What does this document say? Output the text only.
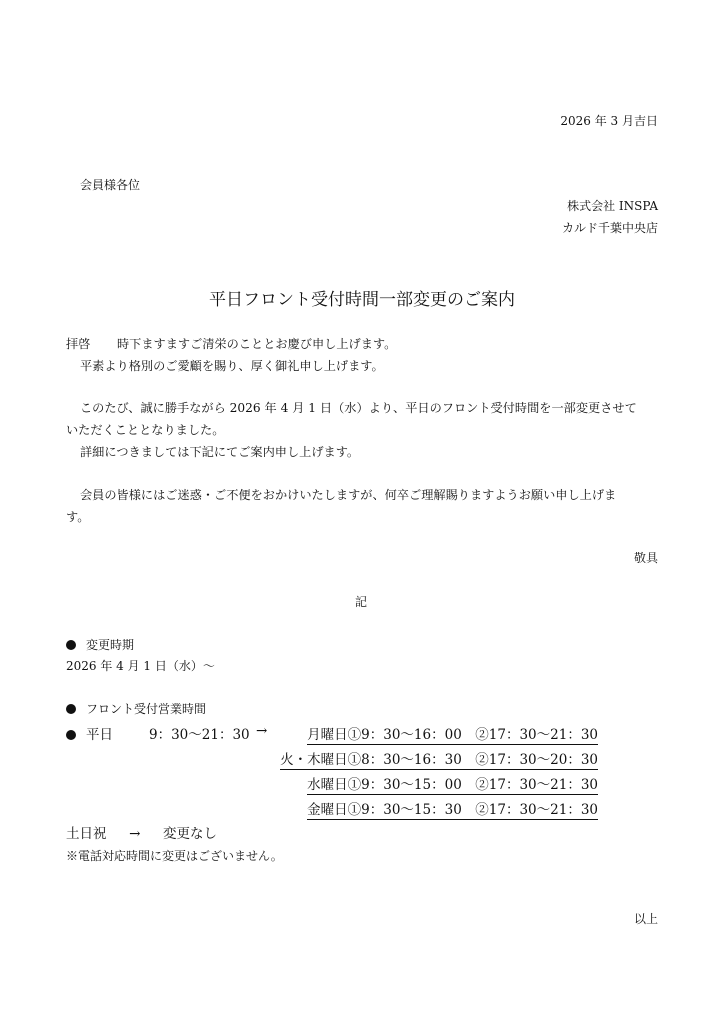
2026 年 3 月吉日
会員様各位
株式会社 INSPA
カルド千葉中央店
平日フロント受付時間一部変更のご案内
拝啓 時下ますますご清栄のこととお慶び申し上げます。
平素より格別のご愛顧を賜り、厚く御礼申し上げます。
このたび、誠に勝手ながら 2026 年 4 月 1 日（水）より、平日のフロント受付時間を一部変更させて
いただくこととなりました。
詳細につきましては下記にてご案内申し上げます。
会員の皆様にはご迷惑・ご不便をおかけいたしますが、何卒ご理解賜りますようお願い申し上げま
す。
敬具
記
変更時期
2026 年 4 月 1 日（水）〜
フロント受付営業時間
平日	9：30〜21：30 →	月曜日①9：30〜16：00　②17：30〜21：30
火・木曜日①8：30〜16：30　②17：30〜20：30
水曜日①9：30〜15：00　②17：30〜21：30
金曜日①9：30〜15：30　②17：30〜21：30
土日祝 → 変更なし
※電話対応時間に変更はございません。
以上
